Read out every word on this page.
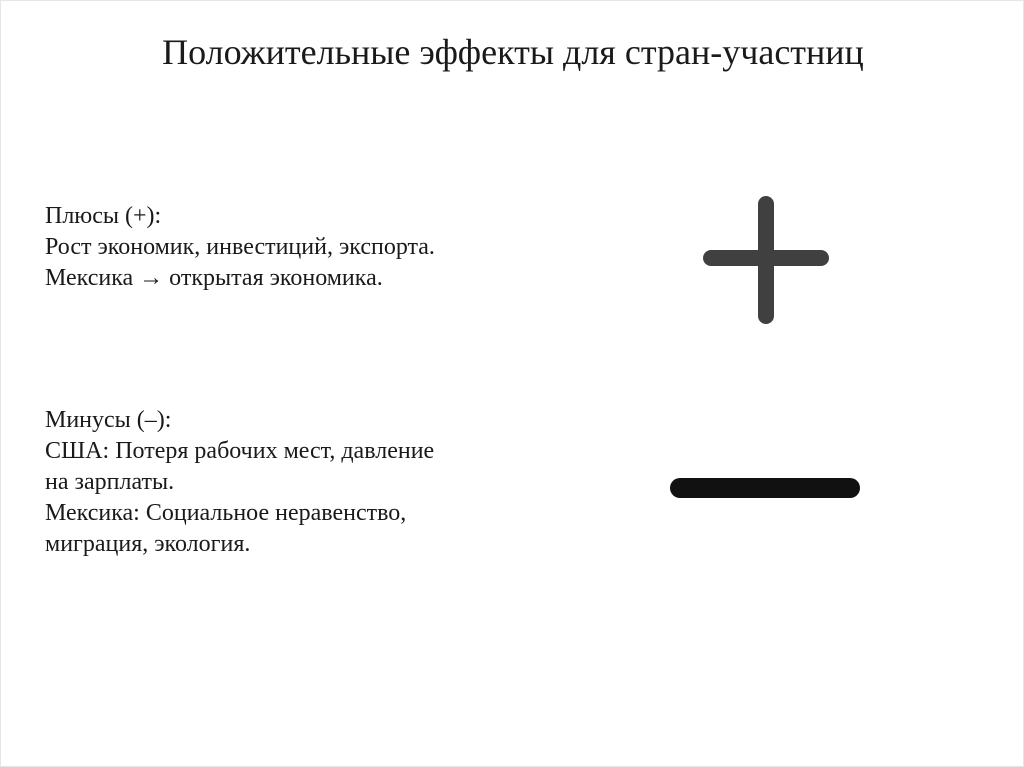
Положительные эффекты для стран-участниц
Плюсы (+):
Рост экономик, инвестиций, экспорта.
Мексика → открытая экономика.
Минусы (–):
США: Потеря рабочих мест, давление
на зарплаты.
Мексика: Социальное неравенство,
миграция, экология.
